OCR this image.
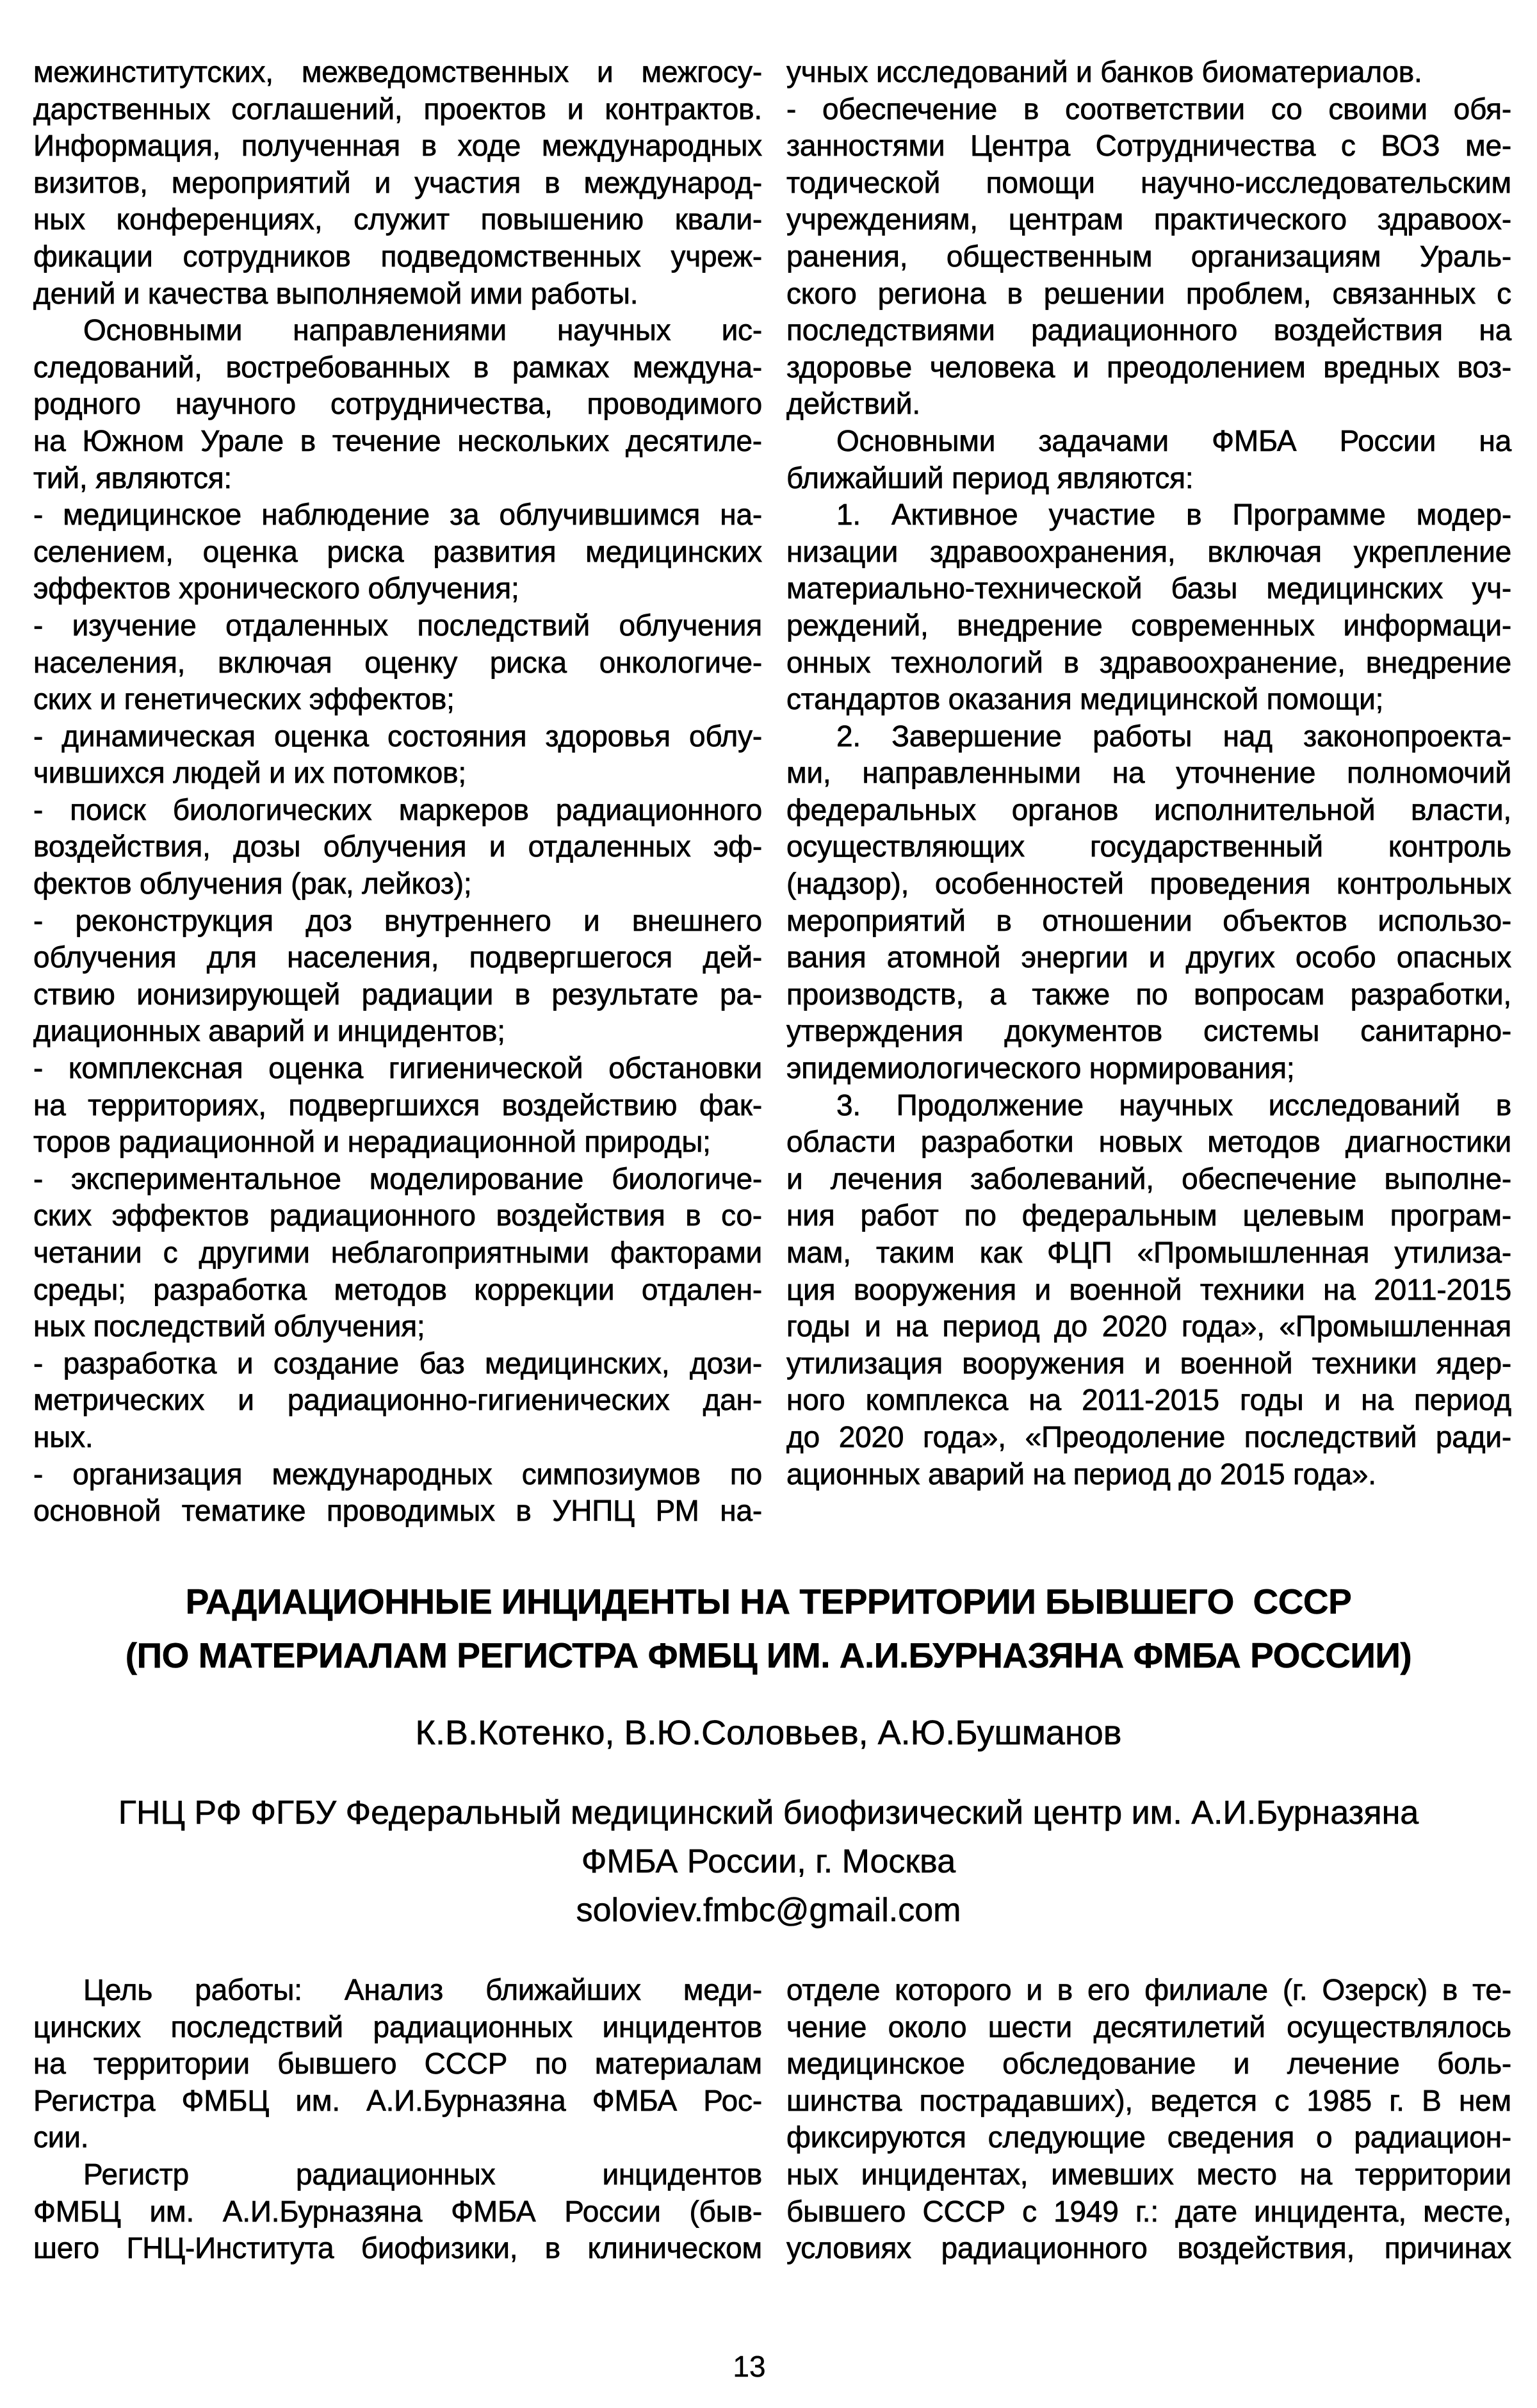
межинститутских, межведомственных и межгосу-
дарственных соглашений, проектов и контрактов.
Информация, полученная в ходе международных
визитов, мероприятий и участия в международ-
ных конференциях, служит повышению квали-
фикации сотрудников подведомственных учреж-
дений и качества выполняемой ими работы.
Основными направлениями научных ис-
следований, востребованных в рамках междуна-
родного научного сотрудничества, проводимого
на Южном Урале в течение нескольких десятиле-
тий, являются:
- медицинское наблюдение за облучившимся на-
селением, оценка риска развития медицинских
эффектов хронического облучения;
- изучение отдаленных последствий облучения
населения, включая оценку риска онкологиче-
ских и генетических эффектов;
- динамическая оценка состояния здоровья облу-
чившихся людей и их потомков;
- поиск биологических маркеров радиационного
воздействия, дозы облучения и отдаленных эф-
фектов облучения (рак, лейкоз);
- реконструкция доз внутреннего и внешнего
облучения для населения, подвергшегося дей-
ствию ионизирующей радиации в результате ра-
диационных аварий и инцидентов;
- комплексная оценка гигиенической обстановки
на территориях, подвергшихся воздействию фак-
торов радиационной и нерадиационной природы;
- экспериментальное моделирование биологиче-
ских эффектов радиационного воздействия в со-
четании с другими неблагоприятными факторами
среды; разработка методов коррекции отдален-
ных последствий облучения;
- разработка и создание баз медицинских, дози-
метрических и радиационно-гигиенических дан-
ных.
- организация международных симпозиумов по
основной тематике проводимых в УНПЦ РМ на-
учных исследований и банков биоматериалов.
- обеспечение в соответствии со своими обя-
занностями Центра Сотрудничества с ВОЗ ме-
тодической помощи научно-исследовательским
учреждениям, центрам практического здравоох-
ранения, общественным организациям Ураль-
ского региона в решении проблем, связанных с
последствиями радиационного воздействия на
здоровье человека и преодолением вредных воз-
действий.
Основными задачами ФМБА России на
ближайший период являются:
1. Активное участие в Программе модер-
низации здравоохранения, включая укрепление
материально-технической базы медицинских уч-
реждений, внедрение современных информаци-
онных технологий в здравоохранение, внедрение
стандартов оказания медицинской помощи;
2. Завершение работы над законопроекта-
ми, направленными на уточнение полномочий
федеральных органов исполнительной власти,
осуществляющих государственный контроль
(надзор), особенностей проведения контрольных
мероприятий в отношении объектов использо-
вания атомной энергии и других особо опасных
производств, а также по вопросам разработки,
утверждения документов системы санитарно-
эпидемиологического нормирования;
3. Продолжение научных исследований в
области разработки новых методов диагностики
и лечения заболеваний, обеспечение выполне-
ния работ по федеральным целевым програм-
мам, таким как ФЦП «Промышленная утилиза-
ция вооружения и военной техники на 2011-2015
годы и на период до 2020 года», «Промышленная
утилизация вооружения и военной техники ядер-
ного комплекса на 2011-2015 годы и на период
до 2020 года», «Преодоление последствий ради-
ационных аварий на период до 2015 года».
РАДИАЦИОННЫЕ ИНЦИДЕНТЫ НА ТЕРРИТОРИИ БЫВШЕГО  СССР
(ПО МАТЕРИАЛАМ РЕГИСТРА ФМБЦ ИМ. А.И.БУРНАЗЯНА ФМБА РОССИИ)
К.В.Котенко, В.Ю.Соловьев, А.Ю.Бушманов
ГНЦ РФ ФГБУ Федеральный медицинский биофизический центр им. А.И.Бурназяна
ФМБА России, г. Москва
soloviev.fmbc@gmail.com
Цель работы: Анализ ближайших меди-
цинских последствий радиационных инцидентов
на территории бывшего СССР по материалам
Регистра ФМБЦ им. А.И.Бурназяна ФМБА Рос-
сии.
Регистр	радиационных	инцидентов
ФМБЦ им. А.И.Бурназяна ФМБА России (быв-
шего ГНЦ-Института биофизики, в клиническом
отделе которого и в его филиале (г. Озерск) в те-
чение около шести десятилетий осуществлялось
медицинское обследование и лечение боль-
шинства пострадавших), ведется с 1985 г. В нем
фиксируются следующие сведения о радиацион-
ных инцидентах, имевших место на территории
бывшего СССР с 1949 г.: дате инцидента, месте,
условиях радиационного воздействия, причинах
13
